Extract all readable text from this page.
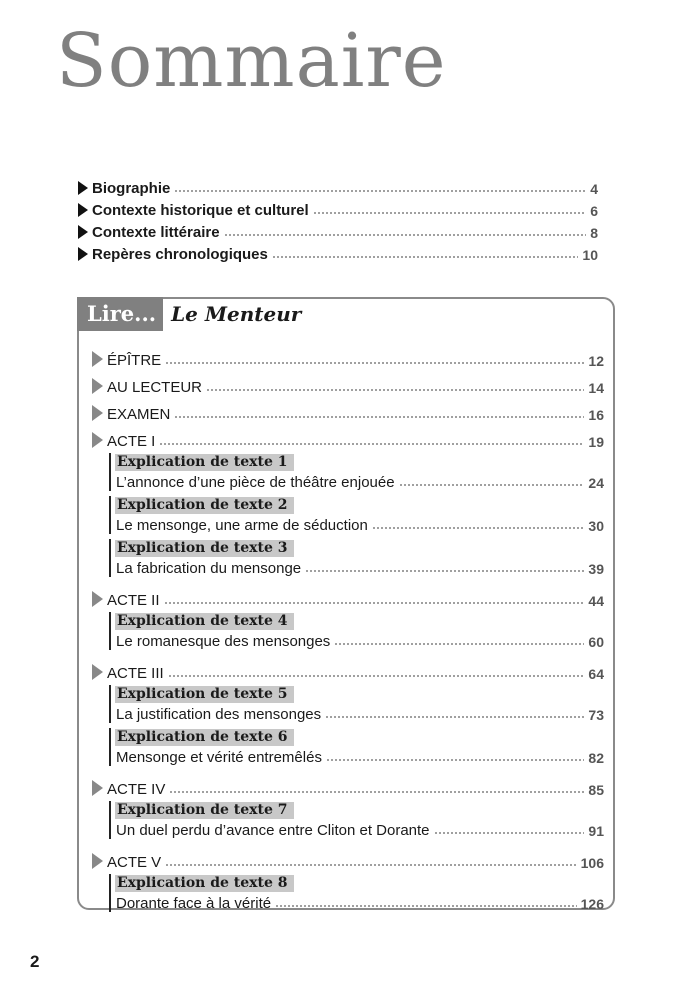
Sommaire
Biographie	4
Contexte historique et culturel	6
Contexte littéraire	8
Repères chronologiques	10
Lire... Le Menteur
ÉPÎTRE	12
AU LECTEUR	14
EXAMEN	16
ACTE I	19
Explication de texte 1
L’annonce d’une pièce de théâtre enjouée	24
Explication de texte 2
Le mensonge, une arme de séduction	30
Explication de texte 3
La fabrication du mensonge	39
ACTE II	44
Explication de texte 4
Le romanesque des mensonges	60
ACTE III	64
Explication de texte 5
La justification des mensonges	73
Explication de texte 6
Mensonge et vérité entremêlés	82
ACTE IV	85
Explication de texte 7
Un duel perdu d’avance entre Cliton et Dorante	91
ACTE V	106
Explication de texte 8
Dorante face à la vérité	126
2
